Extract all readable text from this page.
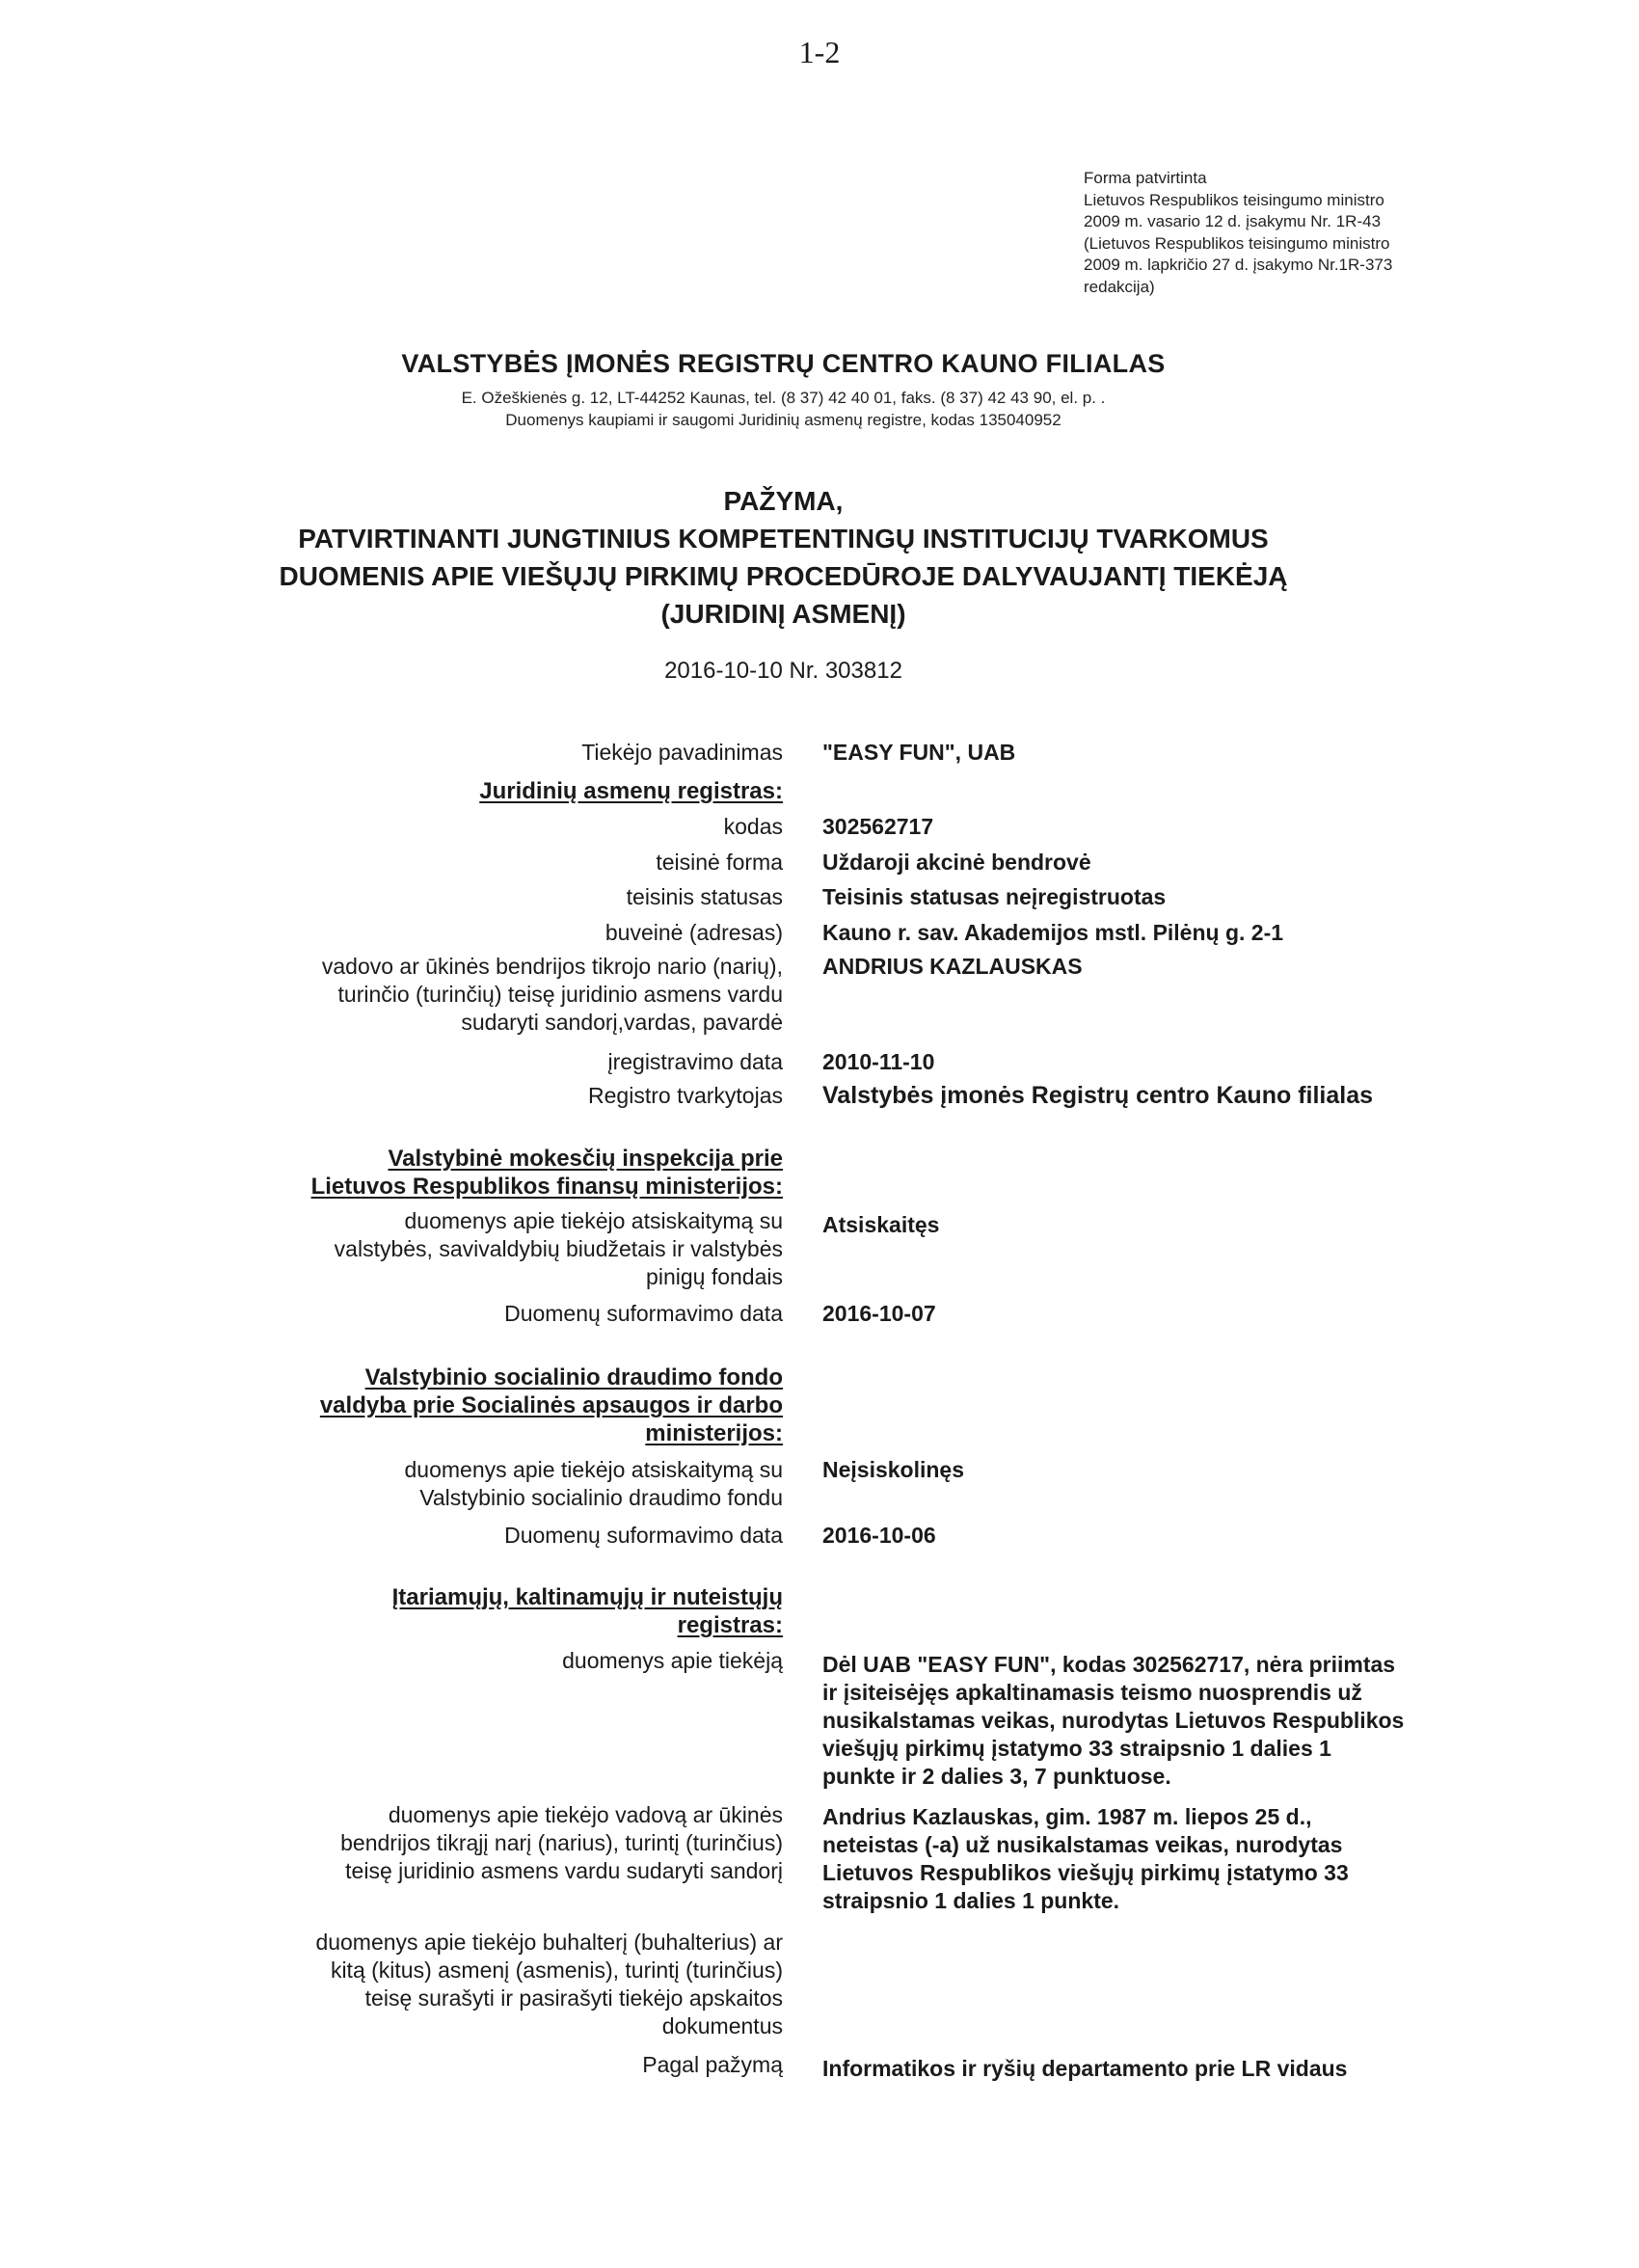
1-2
Forma patvirtinta
Lietuvos Respublikos teisingumo ministro
2009 m. vasario 12 d. įsakymu Nr. 1R-43
(Lietuvos Respublikos teisingumo ministro
2009 m. lapkričio 27 d. įsakymo Nr.1R-373
redakcija)
VALSTYBĖS ĮMONĖS REGISTRŲ CENTRO KAUNO FILIALAS
E. Ožeškienės g. 12, LT-44252 Kaunas, tel. (8 37) 42 40 01, faks. (8 37) 42 43 90, el. p. .
Duomenys kaupiami ir saugomi Juridinių asmenų registre, kodas 135040952
PAŽYMA,
PATVIRTINANTI JUNGTINIUS KOMPETENTINGŲ INSTITUCIJŲ TVARKOMUS
DUOMENIS APIE VIEŠŲJŲ PIRKIMŲ PROCEDŪROJE DALYVAUJANTĮ TIEKĖJĄ
(JURIDINĮ ASMENĮ)
2016-10-10 Nr. 303812
Tiekėjo pavadinimas "EASY FUN", UAB
Juridinių asmenų registras:
kodas 302562717
teisinė forma Uždaroji akcinė bendrovė
teisinis statusas Teisinis statusas neįregistruotas
buveinė (adresas) Kauno r. sav. Akademijos mstl. Pilėnų g. 2-1
vadovo ar ūkinės bendrijos tikrojo nario (narių),
turinčio (turinčių) teisę juridinio asmens vardu
sudaryti sandorį,vardas, pavardė
ANDRIUS KAZLAUSKAS
įregistravimo data 2010-11-10
Registro tvarkytojas Valstybės įmonės Registrų centro Kauno filialas
Valstybinė mokesčių inspekcija prie
Lietuvos Respublikos finansų ministerijos:
duomenys apie tiekėjo atsiskaitymą su
valstybės, savivaldybių biudžetais ir valstybės
pinigų fondais
Atsiskaitęs
Duomenų suformavimo data 2016-10-07
Valstybinio socialinio draudimo fondo
valdyba prie Socialinės apsaugos ir darbo
ministerijos:
duomenys apie tiekėjo atsiskaitymą su
Valstybinio socialinio draudimo fondu
Neįsiskolinęs
Duomenų suformavimo data 2016-10-06
Įtariamųjų, kaltinamųjų ir nuteistųjų
registras:
duomenys apie tiekėją Dėl UAB "EASY FUN", kodas 302562717, nėra priimtas
ir įsiteisėjęs apkaltinamasis teismo nuosprendis už
nusikalstamas veikas, nurodytas Lietuvos Respublikos
viešųjų pirkimų įstatymo 33 straipsnio 1 dalies 1
punkte ir 2 dalies 3, 7 punktuose.
duomenys apie tiekėjo vadovą ar ūkinės
bendrijos tikrąjį narį (narius), turintį (turinčius)
teisę juridinio asmens vardu sudaryti sandorį
Andrius Kazlauskas, gim. 1987 m. liepos 25 d.,
neteistas (-a) už nusikalstamas veikas, nurodytas
Lietuvos Respublikos viešųjų pirkimų įstatymo 33
straipsnio 1 dalies 1 punkte.
duomenys apie tiekėjo buhalterį (buhalterius) ar
kitą (kitus) asmenį (asmenis), turintį (turinčius)
teisę surašyti ir pasirašyti tiekėjo apskaitos
dokumentus
Pagal pažymą Informatikos ir ryšių departamento prie LR vidaus
